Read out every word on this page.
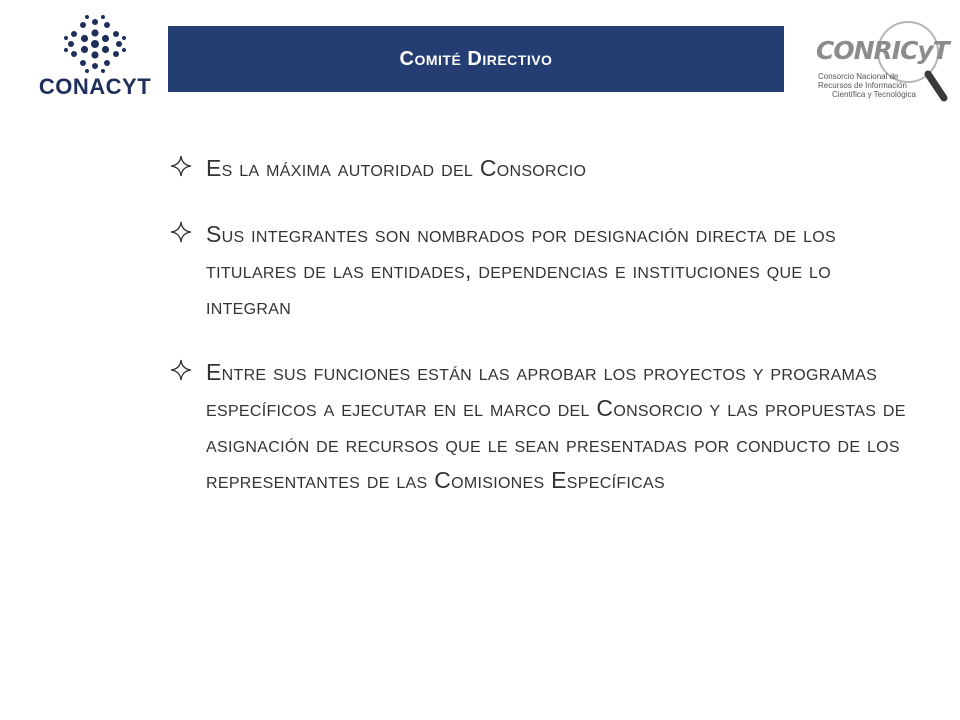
CONACYT
Comité Directivo	CONRICyT
Consorcio Nacional de
Recursos de Información
Científica y Tecnológica
Es la máxima autoridad del Consorcio
Sus integrantes son nombrados por designación directa de los titulares de las entidades, dependencias e instituciones que lo integran
Entre sus funciones están las aprobar los proyectos y programas específicos a ejecutar en el marco del Consorcio y las propuestas de asignación de recursos que le sean presentadas por conducto de los representantes de las Comisiones Específicas
